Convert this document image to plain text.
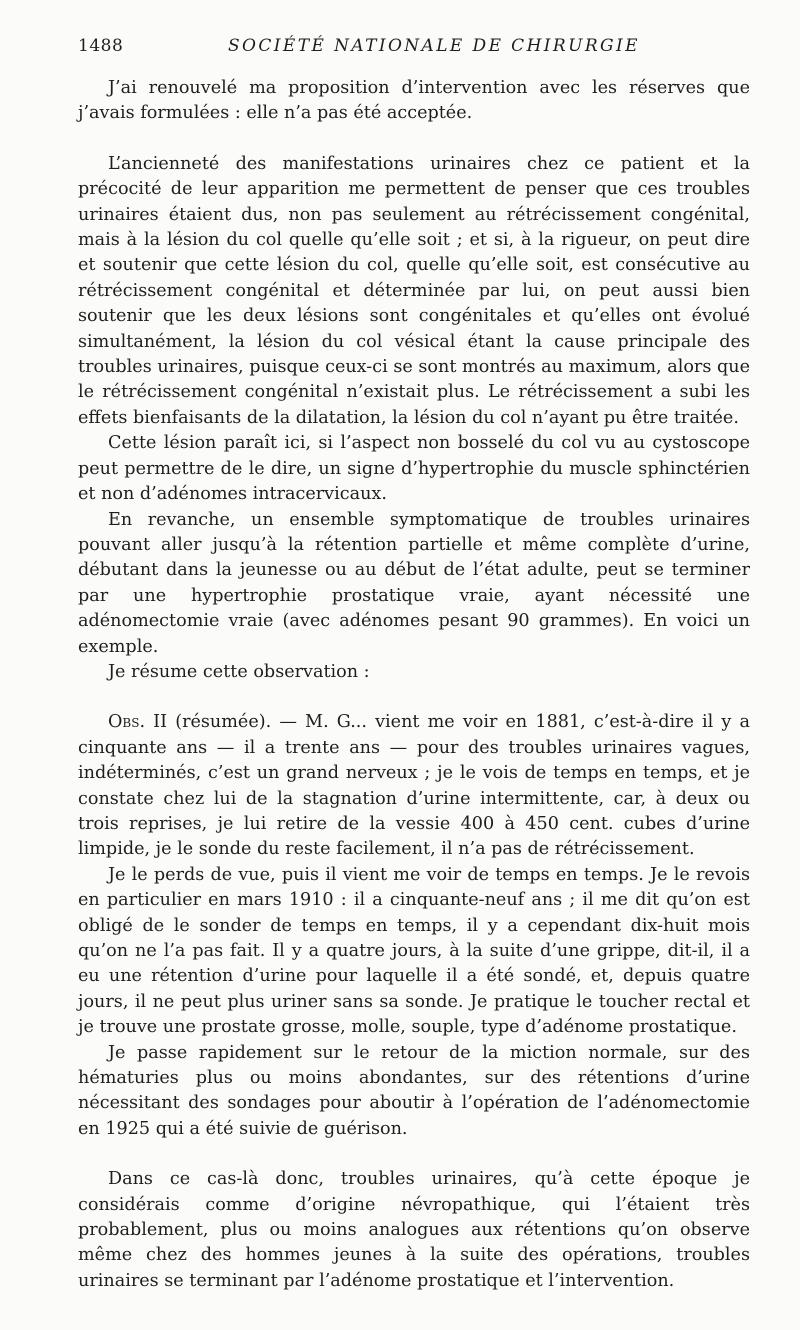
1488	SOCIÉTÉ NATIONALE DE CHIRURGIE

J’ai renouvelé ma proposition d’intervention avec les réserves que j’avais formulées : elle n’a pas été acceptée.

L’ancienneté des manifestations urinaires chez ce patient et la précocité de leur apparition me permettent de penser que ces troubles urinaires étaient dus, non pas seulement au rétrécissement congénital, mais à la lésion du col quelle qu’elle soit ; et si, à la rigueur, on peut dire et soutenir que cette lésion du col, quelle qu’elle soit, est consécutive au rétrécissement congénital et déterminée par lui, on peut aussi bien soutenir que les deux lésions sont congénitales et qu’elles ont évolué simultanément, la lésion du col vésical étant la cause principale des troubles urinaires, puisque ceux-ci se sont montrés au maximum, alors que le rétrécissement congénital n’existait plus. Le rétrécissement a subi les effets bienfaisants de la dilatation, la lésion du col n’ayant pu être traitée.

Cette lésion paraît ici, si l’aspect non bosselé du col vu au cystoscope peut permettre de le dire, un signe d’hypertrophie du muscle sphinctérien et non d’adénomes intracervicaux.

En revanche, un ensemble symptomatique de troubles urinaires pouvant aller jusqu’à la rétention partielle et même complète d’urine, débutant dans la jeunesse ou au début de l’état adulte, peut se terminer par une hypertrophie prostatique vraie, ayant nécessité une adénomectomie vraie (avec adénomes pesant 90 grammes). En voici un exemple.

Je résume cette observation :

Obs. II (résumée). — M. G... vient me voir en 1881, c’est-à-dire il y a cinquante ans — il a trente ans — pour des troubles urinaires vagues, indéterminés, c’est un grand nerveux ; je le vois de temps en temps, et je constate chez lui de la stagnation d’urine intermittente, car, à deux ou trois reprises, je lui retire de la vessie 400 à 450 cent. cubes d’urine limpide, je le sonde du reste facilement, il n’a pas de rétrécissement.

Je le perds de vue, puis il vient me voir de temps en temps. Je le revois en particulier en mars 1910 : il a cinquante-neuf ans ; il me dit qu’on est obligé de le sonder de temps en temps, il y a cependant dix-huit mois qu’on ne l’a pas fait. Il y a quatre jours, à la suite d’une grippe, dit-il, il a eu une rétention d’urine pour laquelle il a été sondé, et, depuis quatre jours, il ne peut plus uriner sans sa sonde. Je pratique le toucher rectal et je trouve une prostate grosse, molle, souple, type d’adénome prostatique.

Je passe rapidement sur le retour de la miction normale, sur des hématuries plus ou moins abondantes, sur des rétentions d’urine nécessitant des sondages pour aboutir à l’opération de l’adénomectomie en 1925 qui a été suivie de guérison.

Dans ce cas-là donc, troubles urinaires, qu’à cette époque je considérais comme d’origine névropathique, qui l’étaient très probablement, plus ou moins analogues aux rétentions qu’on observe même chez des hommes jeunes à la suite des opérations, troubles urinaires se terminant par l’adénome prostatique et l’intervention.
